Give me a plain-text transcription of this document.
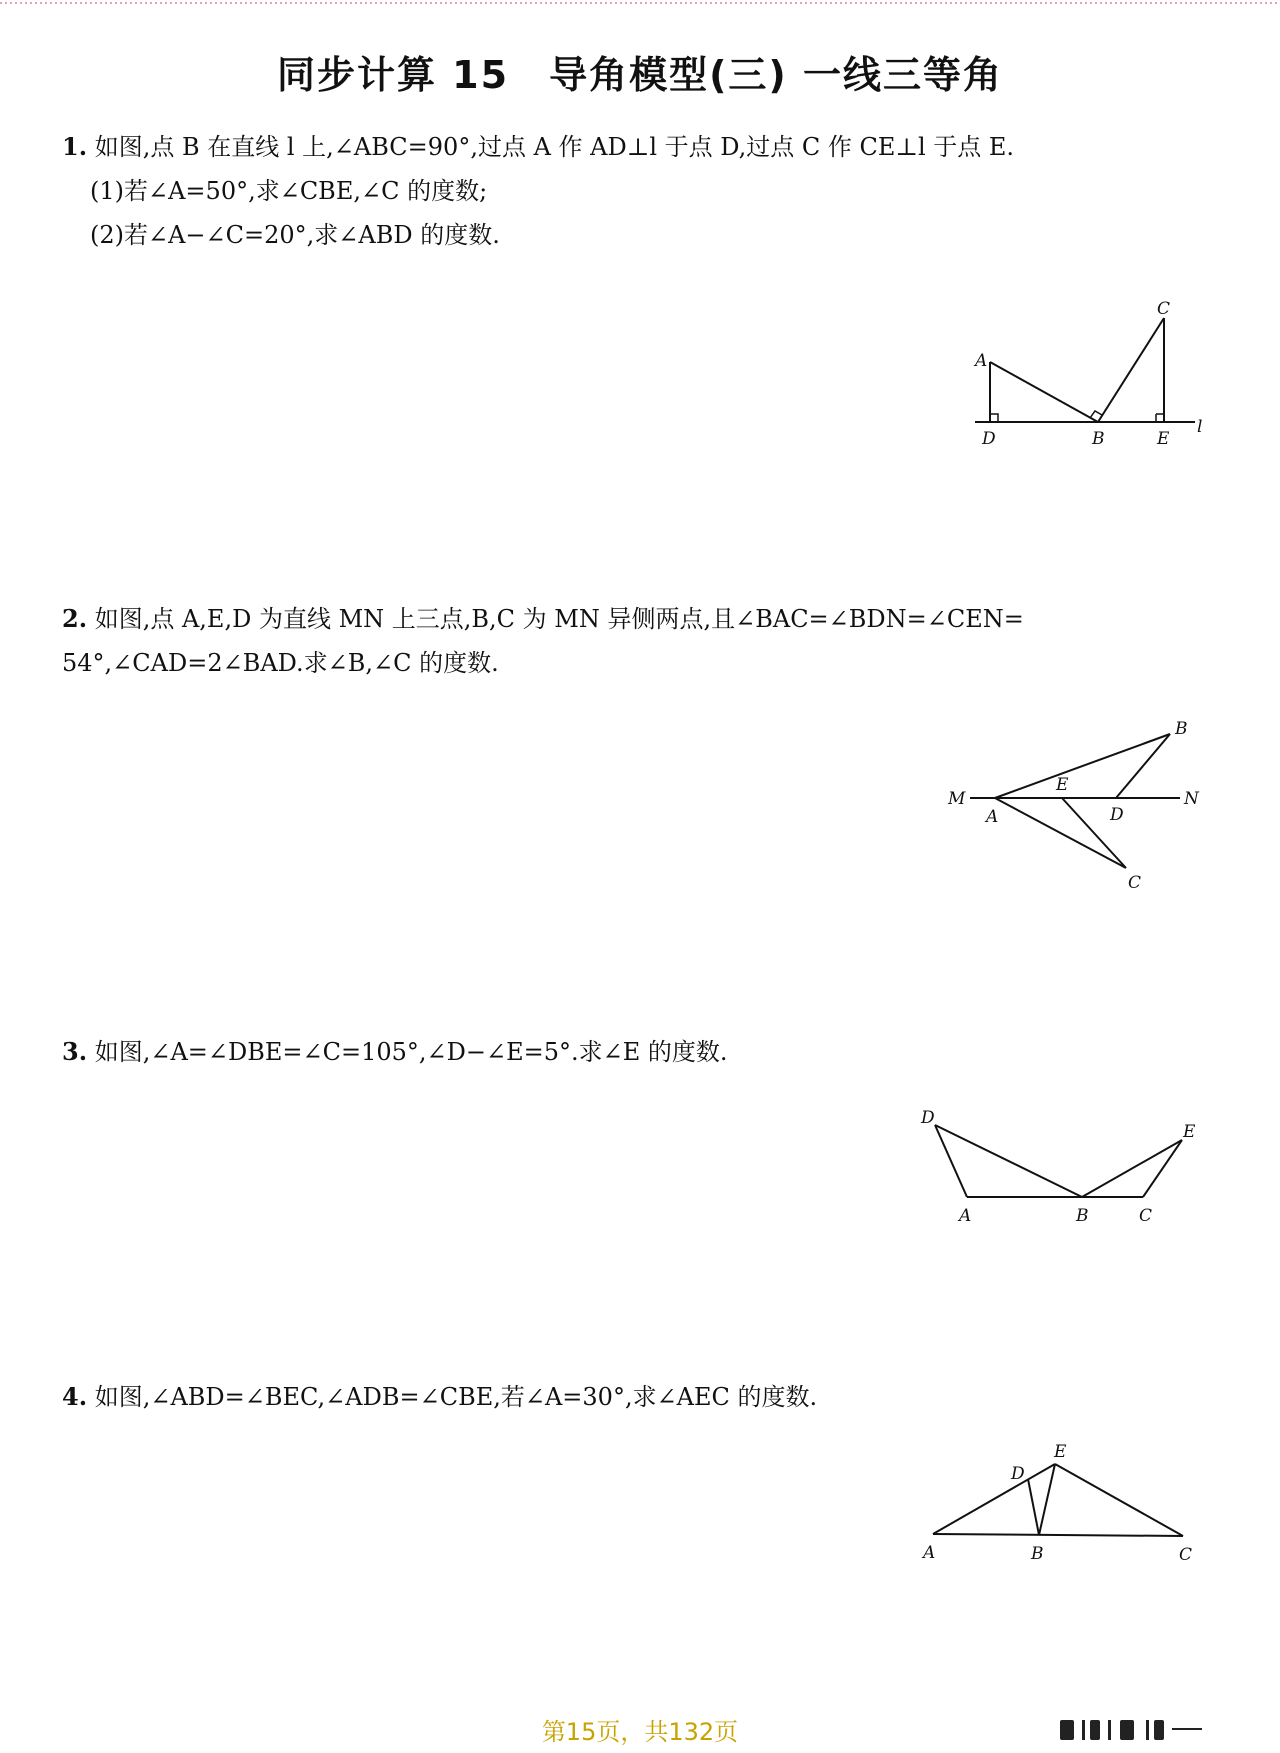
同步计算 15　导角模型(三) 一线三等角
1. 如图,点 B 在直线 l 上,∠ABC=90°,过点 A 作 AD⊥l 于点 D,过点 C 作 CE⊥l 于点 E.
(1)若∠A=50°,求∠CBE,∠C 的度数;
(2)若∠A−∠C=20°,求∠ABD 的度数.
A
D	B
C
E
l
2. 如图,点 A,E,D 为直线 MN 上三点,B,C 为 MN 异侧两点,且∠BAC=∠BDN=∠CEN=
54°,∠CAD=2∠BAD.求∠B,∠C 的度数.
M
A
E
D
N
B
C
3. 如图,∠A=∠DBE=∠C=105°,∠D−∠E=5°.求∠E 的度数.
D
A	B	C
E
4. 如图,∠ABD=∠BEC,∠ADB=∠CBE,若∠A=30°,求∠AEC 的度数.
A	B	C
D
E
第15页，共132页
